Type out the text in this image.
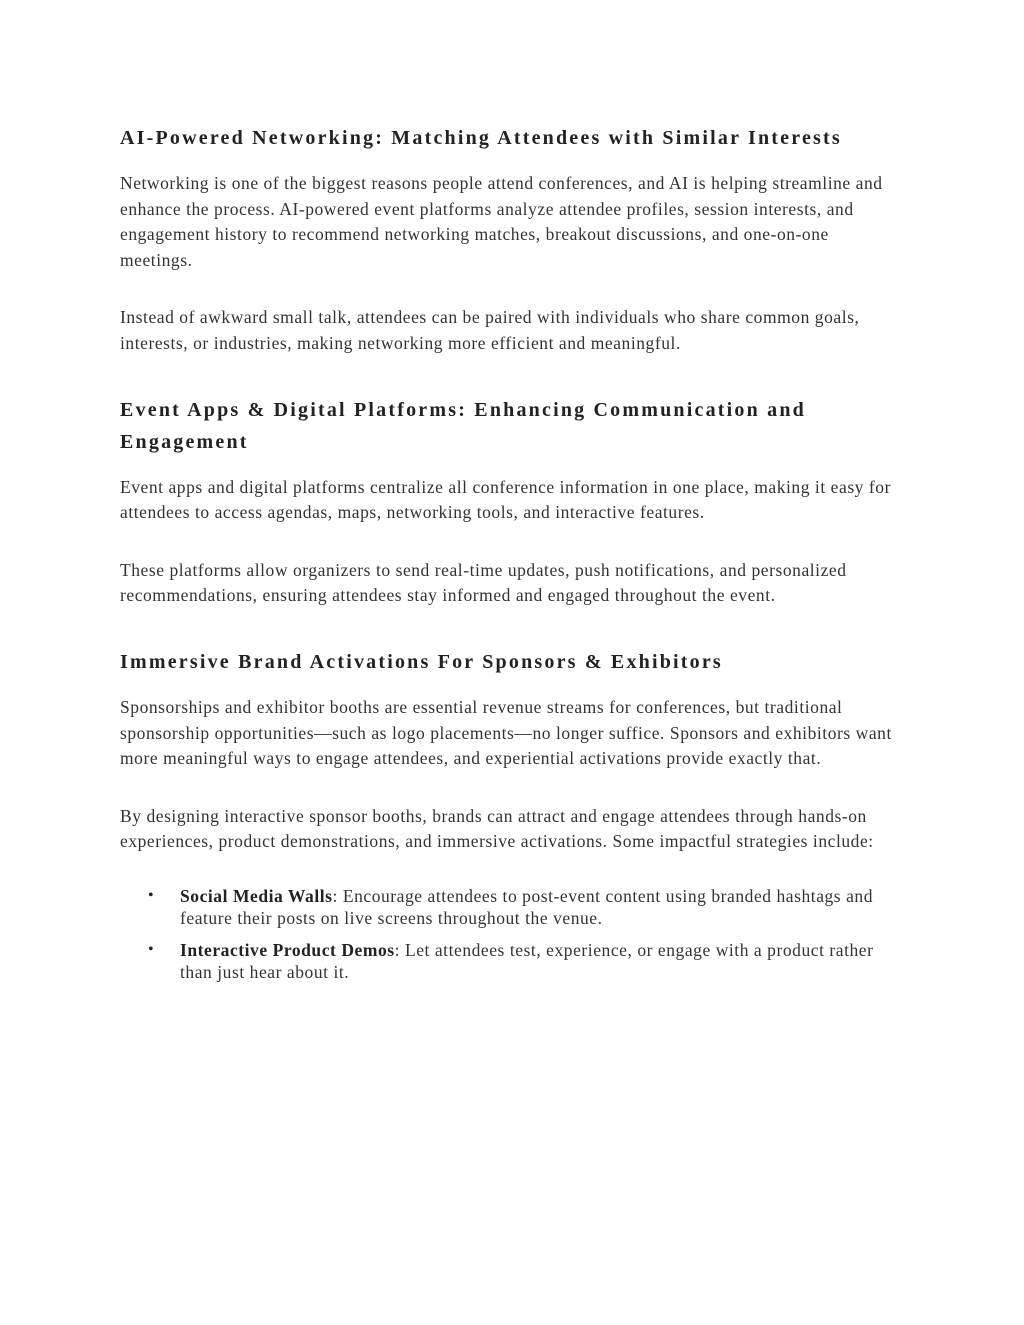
AI-Powered Networking: Matching Attendees with Similar Interests

Networking is one of the biggest reasons people attend conferences, and AI is helping streamline and enhance the process. AI-powered event platforms analyze attendee profiles, session interests, and engagement history to recommend networking matches, breakout discussions, and one-on-one meetings.

Instead of awkward small talk, attendees can be paired with individuals who share common goals, interests, or industries, making networking more efficient and meaningful.

Event Apps & Digital Platforms: Enhancing Communication and Engagement

Event apps and digital platforms centralize all conference information in one place, making it easy for attendees to access agendas, maps, networking tools, and interactive features.

These platforms allow organizers to send real-time updates, push notifications, and personalized recommendations, ensuring attendees stay informed and engaged throughout the event.

Immersive Brand Activations For Sponsors & Exhibitors

Sponsorships and exhibitor booths are essential revenue streams for conferences, but traditional sponsorship opportunities—such as logo placements—no longer suffice. Sponsors and exhibitors want more meaningful ways to engage attendees, and experiential activations provide exactly that.

By designing interactive sponsor booths, brands can attract and engage attendees through hands-on experiences, product demonstrations, and immersive activations. Some impactful strategies include:

• Social Media Walls: Encourage attendees to post-event content using branded hashtags and feature their posts on live screens throughout the venue.
• Interactive Product Demos: Let attendees test, experience, or engage with a product rather than just hear about it.
